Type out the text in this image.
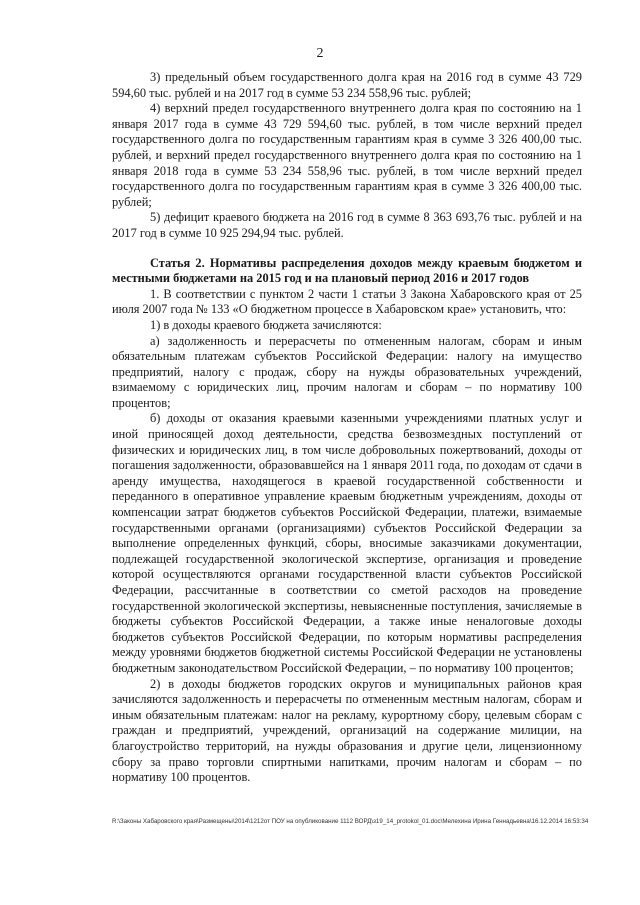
2

3) предельный объем государственного долга края на 2016 год в сумме 43 729 594,60 тыс. рублей и на 2017 год в сумме 53 234 558,96 тыс. рублей;

4) верхний предел государственного внутреннего долга края по состоянию на 1 января 2017 года в сумме 43 729 594,60 тыс. рублей, в том числе верхний предел государственного долга по государственным гарантиям края в сумме 3 326 400,00 тыс. рублей, и верхний предел государственного внутреннего долга края по состоянию на 1 января 2018 года в сумме 53 234 558,96 тыс. рублей, в том числе верхний предел государственного долга по государственным гарантиям края в сумме 3 326 400,00 тыс. рублей;

5) дефицит краевого бюджета на 2016 год в сумме 8 363 693,76 тыс. рублей и на 2017 год в сумме 10 925 294,94 тыс. рублей.

Статья 2. Нормативы распределения доходов между краевым бюджетом и местными бюджетами на 2015 год и на плановый период 2016 и 2017 годов

1. В соответствии с пунктом 2 части 1 статьи 3 Закона Хабаровского края от 25 июля 2007 года № 133 «О бюджетном процессе в Хабаровском крае» установить, что:

1) в доходы краевого бюджета зачисляются:

а) задолженность и перерасчеты по отмененным налогам, сборам и иным обязательным платежам субъектов Российской Федерации: налогу на имущество предприятий, налогу с продаж, сбору на нужды образовательных учреждений, взимаемому с юридических лиц, прочим налогам и сборам – по нормативу 100 процентов;

б) доходы от оказания краевыми казенными учреждениями платных услуг и иной приносящей доход деятельности, средства безвозмездных поступлений от физических и юридических лиц, в том числе добровольных пожертвований, доходы от погашения задолженности, образовавшейся на 1 января 2011 года, по доходам от сдачи в аренду имущества, находящегося в краевой государственной собственности и переданного в оперативное управление краевым бюджетным учреждениям, доходы от компенсации затрат бюджетов субъектов Российской Федерации, платежи, взимаемые государственными органами (организациями) субъектов Российской Федерации за выполнение определенных функций, сборы, вносимые заказчиками документации, подлежащей государственной экологической экспертизе, организация и проведение которой осуществляются органами государственной власти субъектов Российской Федерации, рассчитанные в соответствии со сметой расходов на проведение государственной экологической экспертизы, невыясненные поступления, зачисляемые в бюджеты субъектов Российской Федерации, а также иные неналоговые доходы бюджетов субъектов Российской Федерации, по которым нормативы распределения между уровнями бюджетов бюджетной системы Российской Федерации не установлены бюджетным законодательством Российской Федерации, – по нормативу 100 процентов;

2) в доходы бюджетов городских округов и муниципальных районов края зачисляются задолженность и перерасчеты по отмененным местным налогам, сборам и иным обязательным платежам: налог на рекламу, курортному сбору, целевым сборам с граждан и предприятий, учреждений, организаций на содержание милиции, на благоустройство территорий, на нужды образования и другие цели, лицензионному сбору за право торговли спиртными напитками, прочим налогам и сборам – по нормативу 100 процентов.

R:\Законы Хабаровского края\Размещены\2014\1212от ПОУ на опубликование 1112 ВОРД\з19_14_protokol_01.doc\Мелехина Ирина Геннадьевна\16.12.2014 16:53:34
